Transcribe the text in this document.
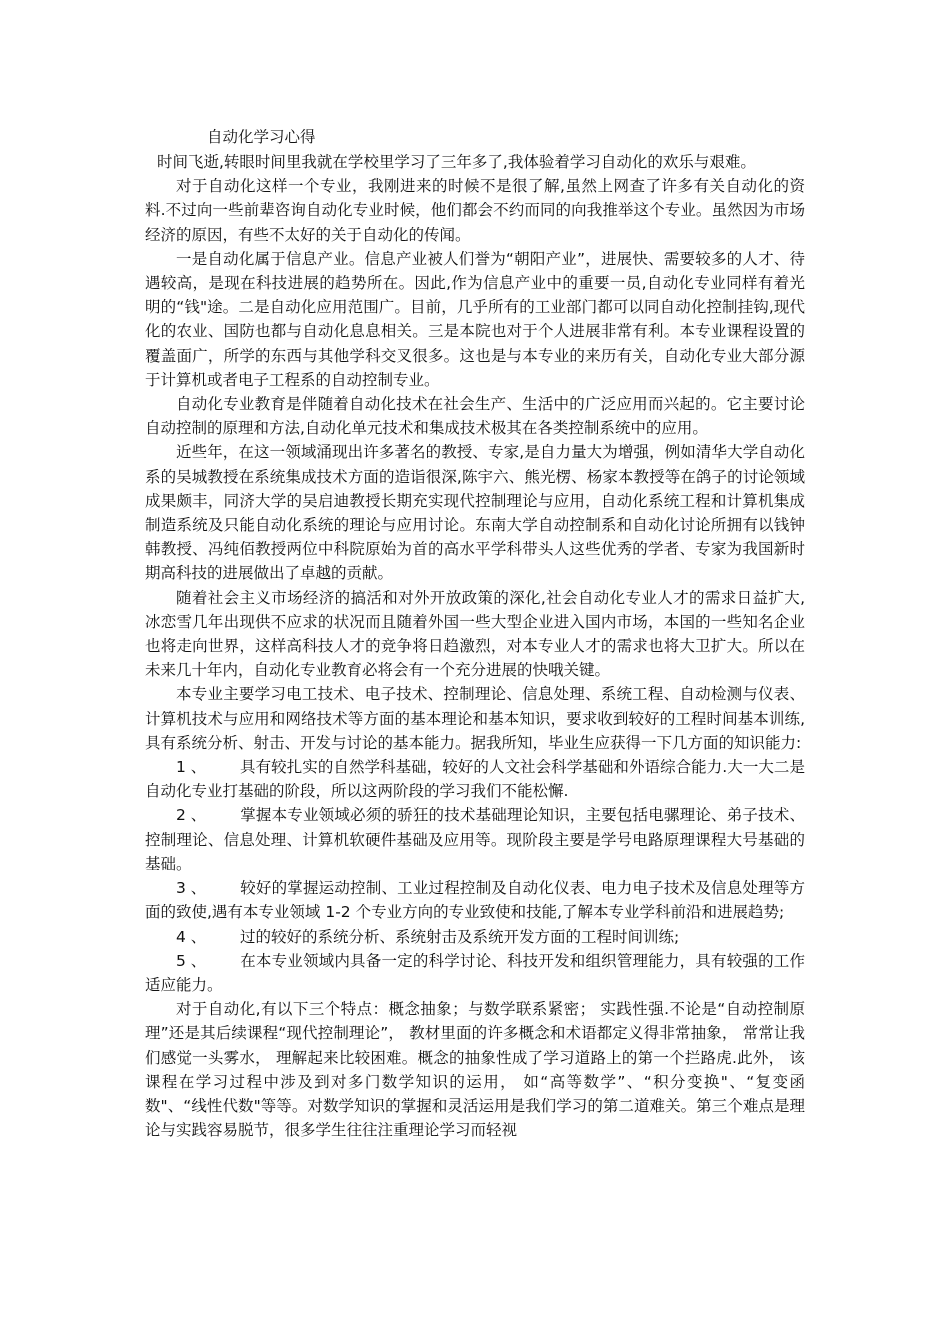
自动化学习心得

时间飞逝,转眼时间里我就在学校里学习了三年多了,我体验着学习自动化的欢乐与艰难。

对于自动化这样一个专业，我刚进来的时候不是很了解,虽然上网查了许多有关自动化的资料.不过向一些前辈咨询自动化专业时候，他们都会不约而同的向我推举这个专业。虽然因为市场经济的原因，有些不太好的关于自动化的传闻。

一是自动化属于信息产业。信息产业被人们誉为“朝阳产业”，进展快、需要较多的人才、待遇较高，是现在科技进展的趋势所在。因此,作为信息产业中的重要一员,自动化专业同样有着光明的“钱"途。二是自动化应用范围广。目前，几乎所有的工业部门都可以同自动化控制挂钩,现代化的农业、国防也都与自动化息息相关。三是本院也对于个人进展非常有利。本专业课程设置的覆盖面广，所学的东西与其他学科交叉很多。这也是与本专业的来历有关，自动化专业大部分源于计算机或者电子工程系的自动控制专业。

自动化专业教育是伴随着自动化技术在社会生产、生活中的广泛应用而兴起的。它主要讨论自动控制的原理和方法,自动化单元技术和集成技术极其在各类控制系统中的应用。

近些年，在这一领域涌现出许多著名的教授、专家,是自力量大为增强，例如清华大学自动化系的吴城教授在系统集成技术方面的造诣很深,陈宇六、熊光楞、杨家本教授等在鸽子的讨论领域成果颇丰，同济大学的吴启迪教授长期充实现代控制理论与应用，自动化系统工程和计算机集成制造系统及只能自动化系统的理论与应用讨论。东南大学自动控制系和自动化讨论所拥有以钱钟韩教授、冯纯佰教授两位中科院原始为首的高水平学科带头人这些优秀的学者、专家为我国新时期高科技的进展做出了卓越的贡献。

随着社会主义市场经济的搞活和对外开放政策的深化,社会自动化专业人才的需求日益扩大,冰恋雪几年出现供不应求的状况而且随着外国一些大型企业进入国内市场，本国的一些知名企业也将走向世界，这样高科技人才的竞争将日趋激烈，对本专业人才的需求也将大卫扩大。所以在未来几十年内，自动化专业教育必将会有一个充分进展的快哦关键。

本专业主要学习电工技术、电子技术、控制理论、信息处理、系统工程、自动检测与仪表、计算机技术与应用和网络技术等方面的基本理论和基本知识，要求收到较好的工程时间基本训练,具有系统分析、射击、开发与讨论的基本能力。据我所知，毕业生应获得一下几方面的知识能力:

1 、 具有较扎实的自然学科基础，较好的人文社会科学基础和外语综合能力.大一大二是自动化专业打基础的阶段，所以这两阶段的学习我们不能松懈.

2 、 掌握本专业领域必须的骄狂的技术基础理论知识，主要包括电骡理论、弟子技术、控制理论、信息处理、计算机软硬件基础及应用等。现阶段主要是学号电路原理课程大号基础的基础。

3 、 较好的掌握运动控制、工业过程控制及自动化仪表、电力电子技术及信息处理等方面的致使,遇有本专业领域 1-2 个专业方向的专业致使和技能,了解本专业学科前沿和进展趋势;

4 、 过的较好的系统分析、系统射击及系统开发方面的工程时间训练;

5 、 在本专业领域内具备一定的科学讨论、科技开发和组织管理能力，具有较强的工作适应能力。

对于自动化,有以下三个特点：概念抽象；与数学联系紧密； 实践性强.不论是“自动控制原理”还是其后续课程“现代控制理论”， 教材里面的许多概念和术语都定义得非常抽象， 常常让我们感觉一头雾水， 理解起来比较困难。概念的抽象性成了学习道路上的第一个拦路虎.此外， 该课程在学习过程中涉及到对多门数学知识的运用， 如“高等数学”、“积分变换"、“复变函数"、“线性代数"等等。对数学知识的掌握和灵活运用是我们学习的第二道难关。第三个难点是理论与实践容易脱节，很多学生往往注重理论学习而轻视
